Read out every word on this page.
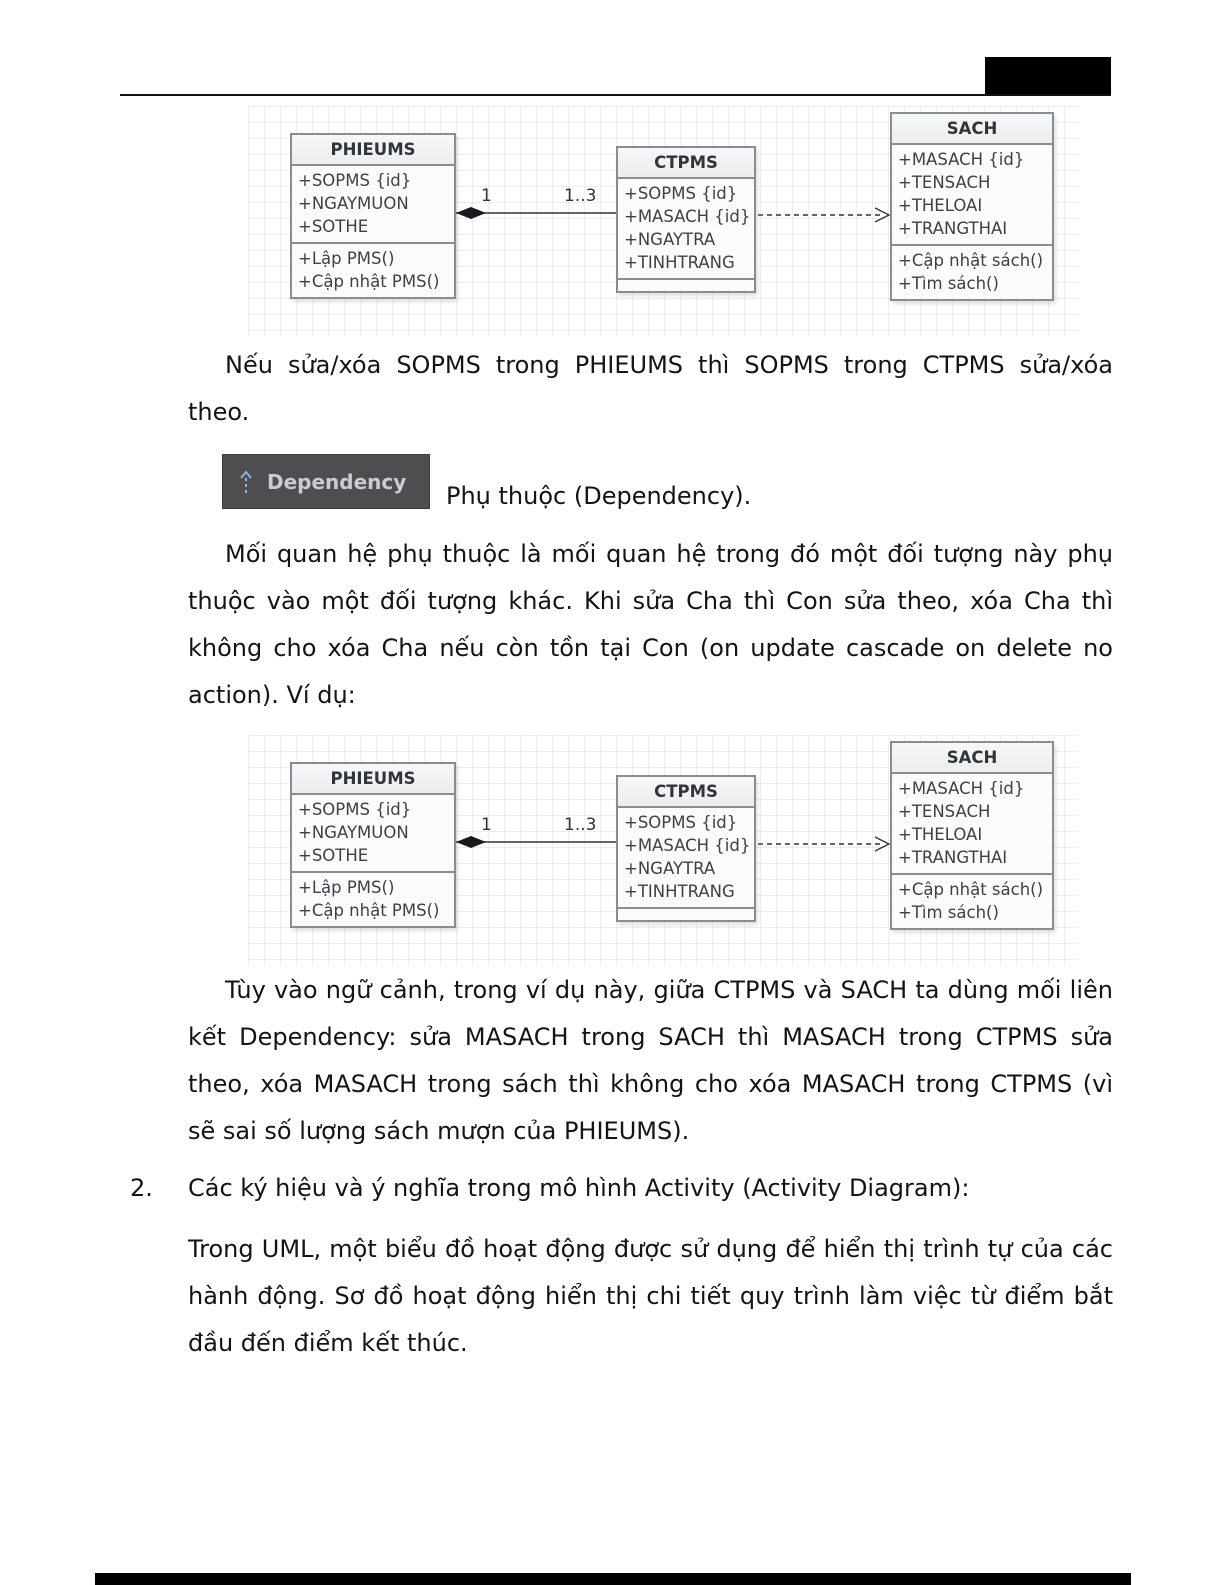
PHIEUMS
+SOPMS {id}
+NGAYMUON
+SOTHE
+Lập PMS()
+Cập nhật PMS()
CTPMS
+SOPMS {id}
+MASACH {id}
+NGAYTRA
+TINHTRANG
SACH
+MASACH {id}
+TENSACH
+THELOAI
+TRANGTHAI
+Cập nhật sách()
+Tìm sách()
1	1..3

Nếu sửa/xóa SOPMS trong PHIEUMS thì SOPMS trong CTPMS sửa/xóa theo.

Dependency
Phụ thuộc (Dependency).

Mối quan hệ phụ thuộc là mối quan hệ trong đó một đối tượng này phụ thuộc vào một đối tượng khác. Khi sửa Cha thì Con sửa theo, xóa Cha thì không cho xóa Cha nếu còn tồn tại Con (on update cascade on delete no action). Ví dụ:

PHIEUMS
+SOPMS {id}
+NGAYMUON
+SOTHE
+Lập PMS()
+Cập nhật PMS()
CTPMS
+SOPMS {id}
+MASACH {id}
+NGAYTRA
+TINHTRANG
SACH
+MASACH {id}
+TENSACH
+THELOAI
+TRANGTHAI
+Cập nhật sách()
+Tìm sách()
1	1..3

Tùy vào ngữ cảnh, trong ví dụ này, giữa CTPMS và SACH ta dùng mối liên kết Dependency: sửa MASACH trong SACH thì MASACH trong CTPMS sửa theo, xóa MASACH trong sách thì không cho xóa MASACH trong CTPMS (vì sẽ sai số lượng sách mượn của PHIEUMS).

2.	Các ký hiệu và ý nghĩa trong mô hình Activity (Activity Diagram):

Trong UML, một biểu đồ hoạt động được sử dụng để hiển thị trình tự của các hành động. Sơ đồ hoạt động hiển thị chi tiết quy trình làm việc từ điểm bắt đầu đến điểm kết thúc.
